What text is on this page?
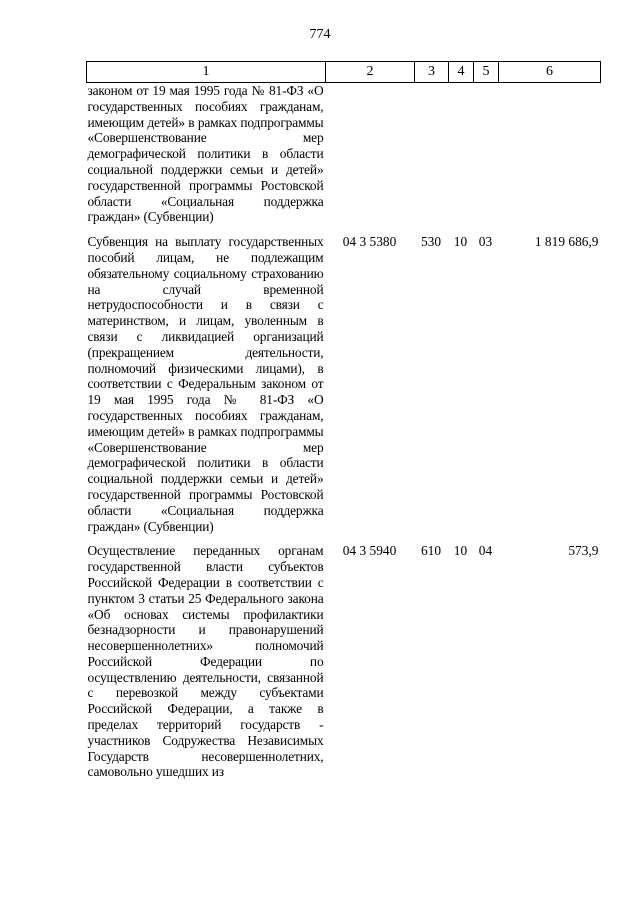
774
1	2	3	4	5	6
законом от 19 мая 1995 года № 81-ФЗ «О государственных пособиях гражданам, имеющим детей» в рамках подпрограммы «Совершенствование мер демографической политики в области социальной поддержки семьи и детей» государственной программы Ростовской области «Социальная поддержка граждан» (Субвенции)					

Субвенция на выплату государственных пособий лицам, не подлежащим обязательному социальному страхованию на случай временной нетрудоспособности и в связи с материнством, и лицам, уволенным в связи с ликвидацией организаций (прекращением деятельности, полномочий физическими лицами), в соответствии с Федеральным законом от 19 мая 1995 года № 81-ФЗ «О государственных пособиях гражданам, имеющим детей» в рамках подпрограммы «Совершенствование мер демографической политики в области социальной поддержки семьи и детей» государственной программы Ростовской области «Социальная поддержка граждан» (Субвенции)	04 3 5380	530	10	03	1 819 686,9

Осуществление переданных органам государственной власти субъектов Российской Федерации в соответствии с пунктом 3 статьи 25 Федерального закона «Об основах системы профилактики безнадзорности и правонарушений несовершеннолетних» полномочий Российской Федерации по осуществлению деятельности, связанной с перевозкой между субъектами Российской Федерации, а также в пределах территорий государств - участников Содружества Независимых Государств несовершеннолетних, самовольно ушедших из	04 3 5940	610	10	04	573,9
